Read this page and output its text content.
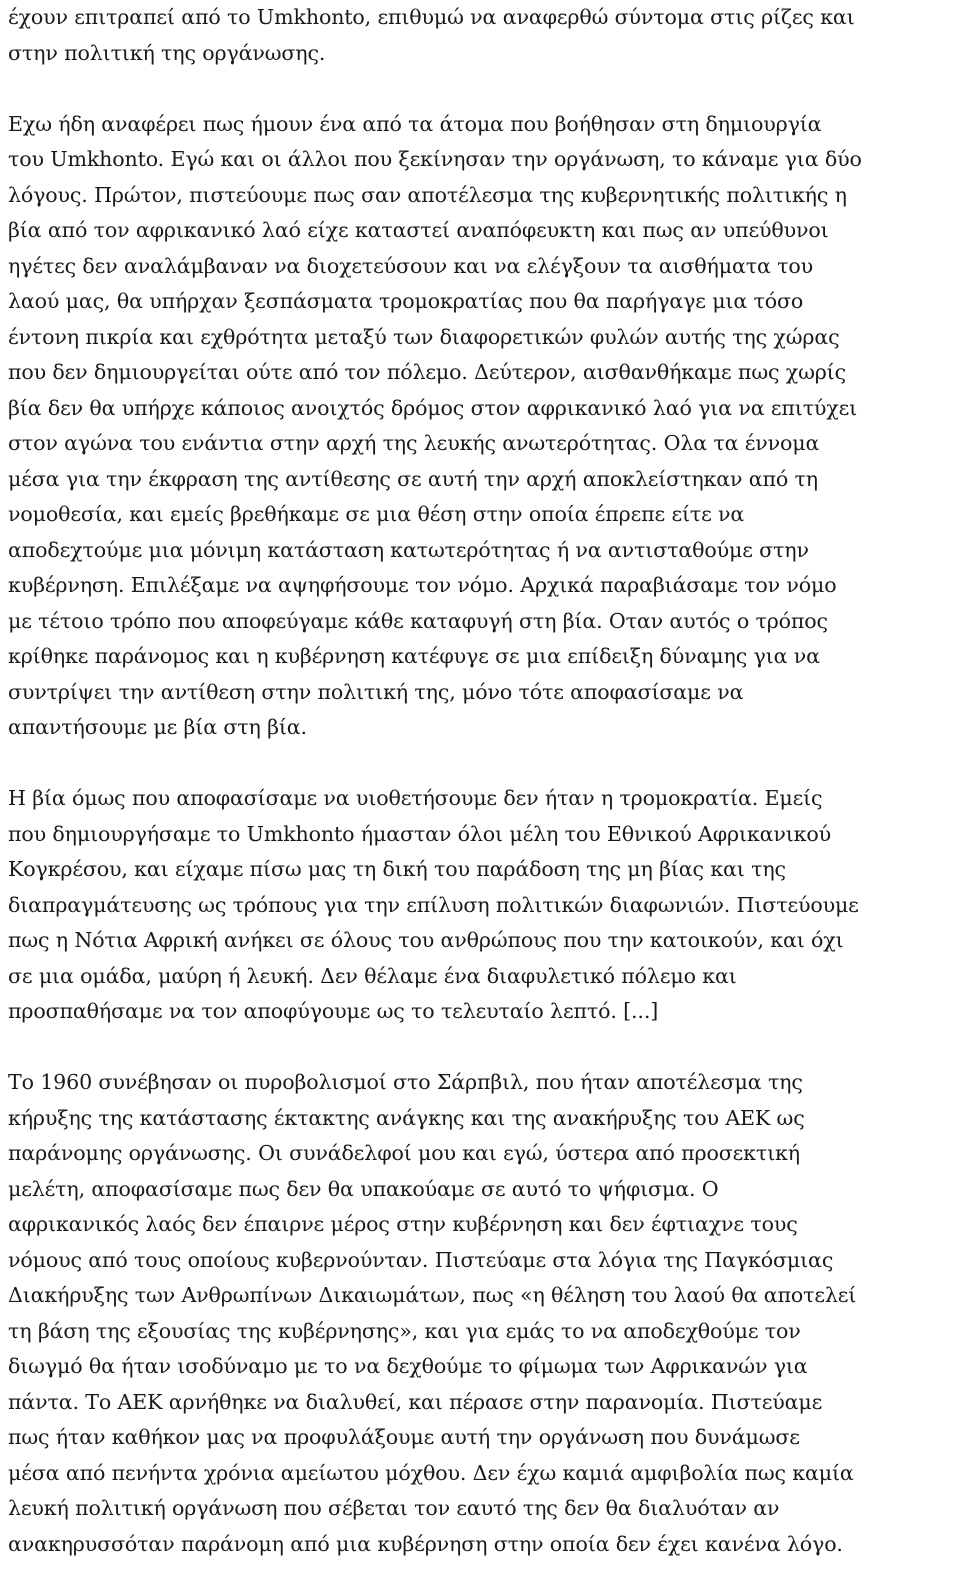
έχουν επιτραπεί από το Umkhonto, επιθυμώ να αναφερθώ σύντομα στις ρίζες και
στην πολιτική της οργάνωσης.
Εχω ήδη αναφέρει πως ήμουν ένα από τα άτομα που βοήθησαν στη δημιουργία
του Umkhonto. Εγώ και οι άλλοι που ξεκίνησαν την οργάνωση, το κάναμε για δύο
λόγους. Πρώτον, πιστεύουμε πως σαν αποτέλεσμα της κυβερνητικής πολιτικής η
βία από τον αφρικανικό λαό είχε καταστεί αναπόφευκτη και πως αν υπεύθυνοι
ηγέτες δεν αναλάμβαναν να διοχετεύσουν και να ελέγξουν τα αισθήματα του
λαού μας, θα υπήρχαν ξεσπάσματα τρομοκρατίας που θα παρήγαγε μια τόσο
έντονη πικρία και εχθρότητα μεταξύ των διαφορετικών φυλών αυτής της χώρας
που δεν δημιουργείται ούτε από τον πόλεμο. Δεύτερον, αισθανθήκαμε πως χωρίς
βία δεν θα υπήρχε κάποιος ανοιχτός δρόμος στον αφρικανικό λαό για να επιτύχει
στον αγώνα του ενάντια στην αρχή της λευκής ανωτερότητας. Ολα τα έννομα
μέσα για την έκφραση της αντίθεσης σε αυτή την αρχή αποκλείστηκαν από τη
νομοθεσία, και εμείς βρεθήκαμε σε μια θέση στην οποία έπρεπε είτε να
αποδεχτούμε μια μόνιμη κατάσταση κατωτερότητας ή να αντισταθούμε στην
κυβέρνηση. Επιλέξαμε να αψηφήσουμε τον νόμο. Αρχικά παραβιάσαμε τον νόμο
με τέτοιο τρόπο που αποφεύγαμε κάθε καταφυγή στη βία. Οταν αυτός ο τρόπος
κρίθηκε παράνομος και η κυβέρνηση κατέφυγε σε μια επίδειξη δύναμης για να
συντρίψει την αντίθεση στην πολιτική της, μόνο τότε αποφασίσαμε να
απαντήσουμε με βία στη βία.
Η βία όμως που αποφασίσαμε να υιοθετήσουμε δεν ήταν η τρομοκρατία. Εμείς
που δημιουργήσαμε το Umkhonto ήμασταν όλοι μέλη του Εθνικού Αφρικανικού
Κογκρέσου, και είχαμε πίσω μας τη δική του παράδοση της μη βίας και της
διαπραγμάτευσης ως τρόπους για την επίλυση πολιτικών διαφωνιών. Πιστεύουμε
πως η Νότια Αφρική ανήκει σε όλους του ανθρώπους που την κατοικούν, και όχι
σε μια ομάδα, μαύρη ή λευκή. Δεν θέλαμε ένα διαφυλετικό πόλεμο και
προσπαθήσαμε να τον αποφύγουμε ως το τελευταίο λεπτό. [...]
Το 1960 συνέβησαν οι πυροβολισμοί στο Σάρπβιλ, που ήταν αποτέλεσμα της
κήρυξης της κατάστασης έκτακτης ανάγκης και της ανακήρυξης του ΑΕΚ ως
παράνομης οργάνωσης. Οι συνάδελφοί μου και εγώ, ύστερα από προσεκτική
μελέτη, αποφασίσαμε πως δεν θα υπακούαμε σε αυτό το ψήφισμα. Ο
αφρικανικός λαός δεν έπαιρνε μέρος στην κυβέρνηση και δεν έφτιαχνε τους
νόμους από τους οποίους κυβερνούνταν. Πιστεύαμε στα λόγια της Παγκόσμιας
Διακήρυξης των Ανθρωπίνων Δικαιωμάτων, πως «η θέληση του λαού θα αποτελεί
τη βάση της εξουσίας της κυβέρνησης», και για εμάς το να αποδεχθούμε τον
διωγμό θα ήταν ισοδύναμο με το να δεχθούμε το φίμωμα των Αφρικανών για
πάντα. Το ΑΕΚ αρνήθηκε να διαλυθεί, και πέρασε στην παρανομία. Πιστεύαμε
πως ήταν καθήκον μας να προφυλάξουμε αυτή την οργάνωση που δυνάμωσε
μέσα από πενήντα χρόνια αμείωτου μόχθου. Δεν έχω καμιά αμφιβολία πως καμία
λευκή πολιτική οργάνωση που σέβεται τον εαυτό της δεν θα διαλυόταν αν
ανακηρυσσόταν παράνομη από μια κυβέρνηση στην οποία δεν έχει κανένα λόγο.
